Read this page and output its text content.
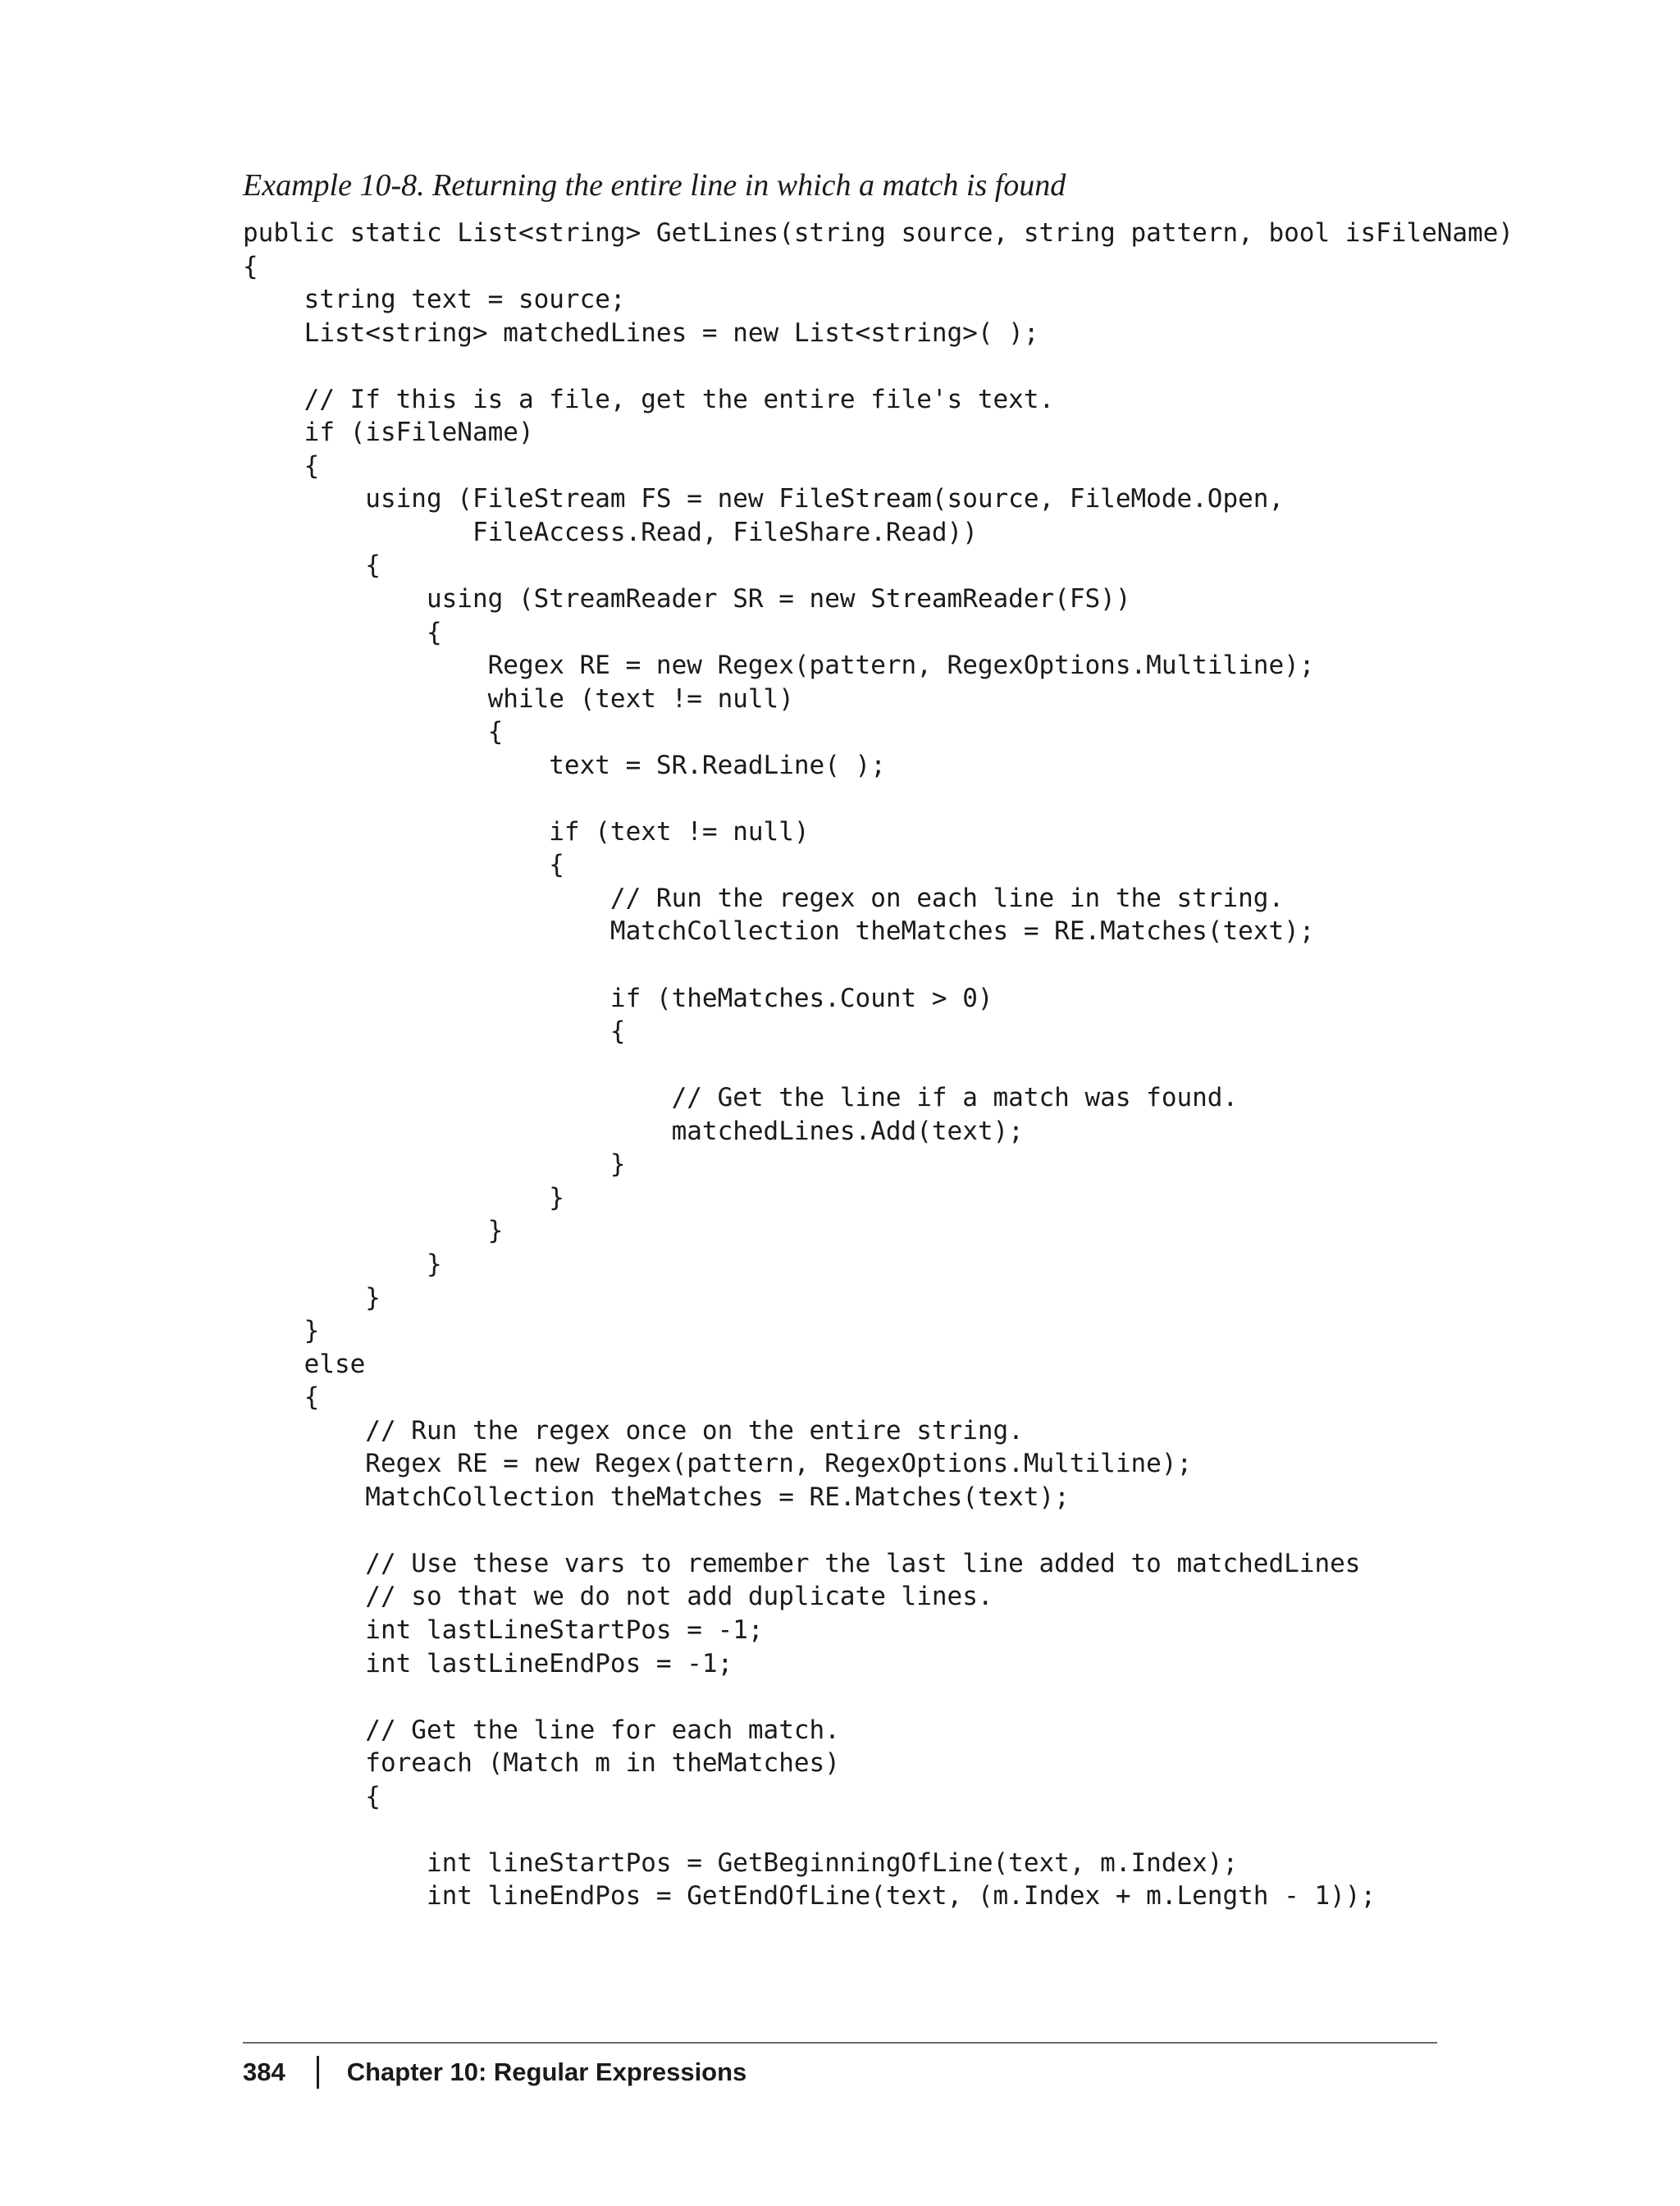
Example 10-8. Returning the entire line in which a match is found
public static List<string> GetLines(string source, string pattern, bool isFileName)
{
string text = source;
List<string> matchedLines = new List<string>( );
// If this is a file, get the entire file's text.
if (isFileName)
{
using (FileStream FS = new FileStream(source, FileMode.Open,
FileAccess.Read, FileShare.Read))
{
using (StreamReader SR = new StreamReader(FS))
{
Regex RE = new Regex(pattern, RegexOptions.Multiline);
while (text != null)
{
text = SR.ReadLine( );
if (text != null)
{
// Run the regex on each line in the string.
MatchCollection theMatches = RE.Matches(text);
if (theMatches.Count > 0)
{
// Get the line if a match was found.
matchedLines.Add(text);
}
}
}
}
}
}
else
{
// Run the regex once on the entire string.
Regex RE = new Regex(pattern, RegexOptions.Multiline);
MatchCollection theMatches = RE.Matches(text);
// Use these vars to remember the last line added to matchedLines
// so that we do not add duplicate lines.
int lastLineStartPos = -1;
int lastLineEndPos = -1;
// Get the line for each match.
foreach (Match m in theMatches)
{
int lineStartPos = GetBeginningOfLine(text, m.Index);
int lineEndPos = GetEndOfLine(text, (m.Index + m.Length - 1));
384 Chapter 10: Regular Expressions
